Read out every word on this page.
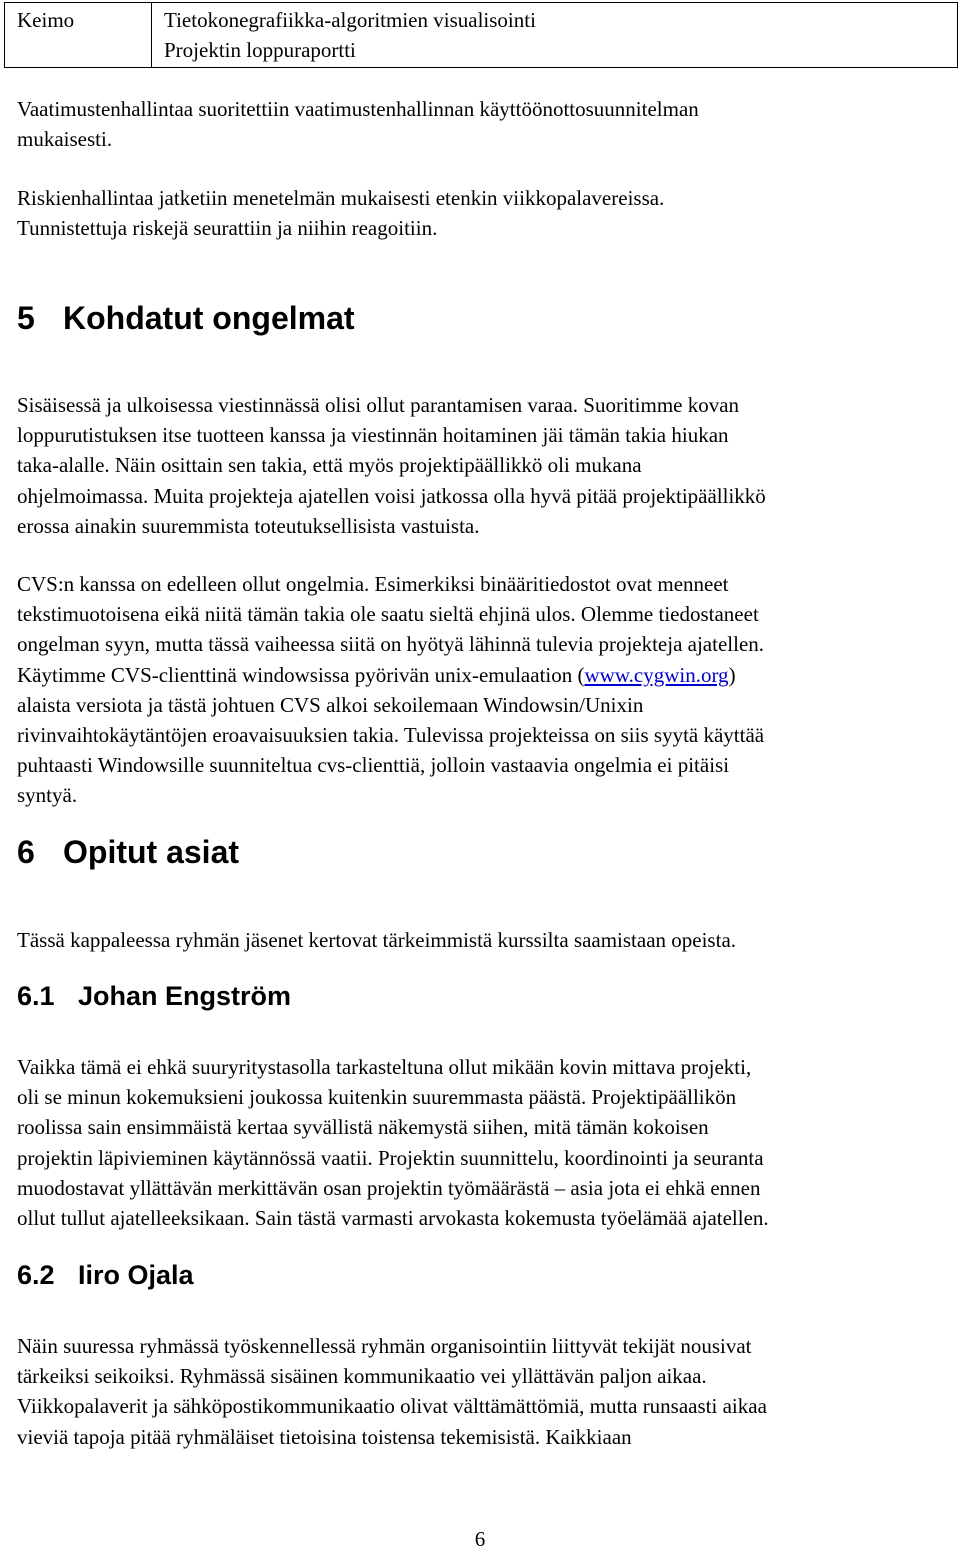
Keimo	Tietokonegrafiikka-algoritmien visualisointi
Projektin loppuraportti
Vaatimustenhallintaa suoritettiin vaatimustenhallinnan käyttöönottosuunnitelman
mukaisesti.
Riskienhallintaa jatketiin menetelmän mukaisesti etenkin viikkopalavereissa.
Tunnistettuja riskejä seurattiin ja niihin reagoitiin.
5 Kohdatut ongelmat
Sisäisessä ja ulkoisessa viestinnässä olisi ollut parantamisen varaa. Suoritimme kovan
loppurutistuksen itse tuotteen kanssa ja viestinnän hoitaminen jäi tämän takia hiukan
taka-alalle. Näin osittain sen takia, että myös projektipäällikkö oli mukana
ohjelmoimassa. Muita projekteja ajatellen voisi jatkossa olla hyvä pitää projektipäällikkö
erossa ainakin suuremmista toteutuksellisista vastuista.
CVS:n kanssa on edelleen ollut ongelmia. Esimerkiksi binääritiedostot ovat menneet
tekstimuotoisena eikä niitä tämän takia ole saatu sieltä ehjinä ulos. Olemme tiedostaneet
ongelman syyn, mutta tässä vaiheessa siitä on hyötyä lähinnä tulevia projekteja ajatellen.
Käytimme CVS-clienttinä windowsissa pyörivän unix-emulaation (www.cygwin.org)
alaista versiota ja tästä johtuen CVS alkoi sekoilemaan Windowsin/Unixin
rivinvaihtokäytäntöjen eroavaisuuksien takia. Tulevissa projekteissa on siis syytä käyttää
puhtaasti Windowsille suunniteltua cvs-clienttiä, jolloin vastaavia ongelmia ei pitäisi
syntyä.
6 Opitut asiat
Tässä kappaleessa ryhmän jäsenet kertovat tärkeimmistä kurssilta saamistaan opeista.
6.1 Johan Engström
Vaikka tämä ei ehkä suuryritystasolla tarkasteltuna ollut mikään kovin mittava projekti,
oli se minun kokemuksieni joukossa kuitenkin suuremmasta päästä. Projektipäällikön
roolissa sain ensimmäistä kertaa syvällistä näkemystä siihen, mitä tämän kokoisen
projektin läpivieminen käytännössä vaatii. Projektin suunnittelu, koordinointi ja seuranta
muodostavat yllättävän merkittävän osan projektin työmäärästä – asia jota ei ehkä ennen
ollut tullut ajatelleeksikaan. Sain tästä varmasti arvokasta kokemusta työelämää ajatellen.
6.2 Iiro Ojala
Näin suuressa ryhmässä työskennellessä ryhmän organisointiin liittyvät tekijät nousivat
tärkeiksi seikoiksi. Ryhmässä sisäinen kommunikaatio vei yllättävän paljon aikaa.
Viikkopalaverit ja sähköpostikommunikaatio olivat välttämättömiä, mutta runsaasti aikaa
vieviä tapoja pitää ryhmäläiset tietoisina toistensa tekemisistä. Kaikkiaan
6
